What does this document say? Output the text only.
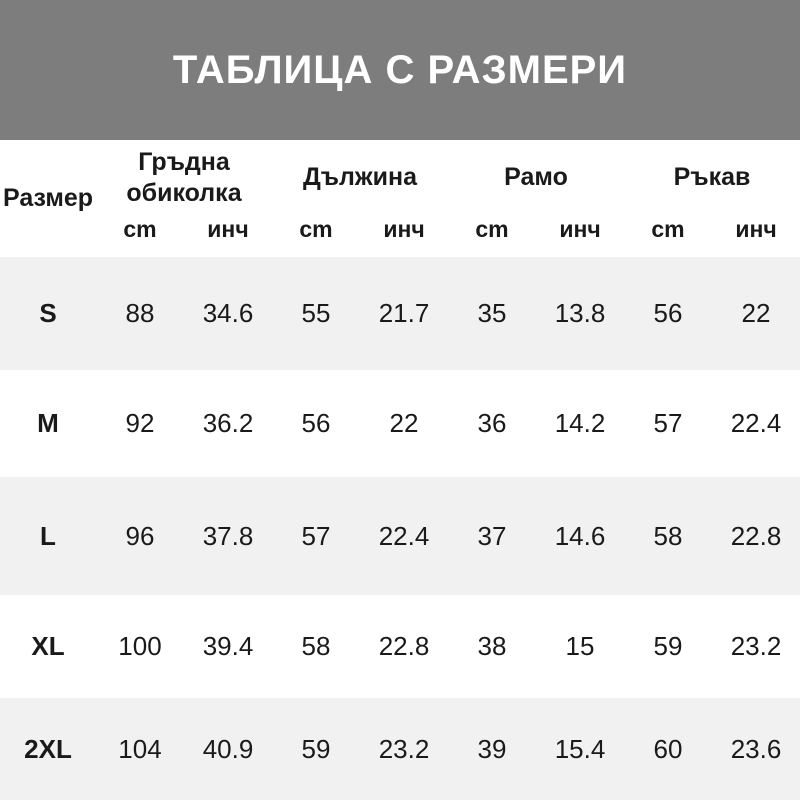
ТАБЛИЦА С РАЗМЕРИ
Размер	Гръдна обиколка		Дължина		Рамо		Ръкав	
	cm	инч	cm	инч	cm	инч	cm	инч
S	88	34.6	55	21.7	35	13.8	56	22
M	92	36.2	56	22	36	14.2	57	22.4
L	96	37.8	57	22.4	37	14.6	58	22.8
XL	100	39.4	58	22.8	38	15	59	23.2
2XL	104	40.9	59	23.2	39	15.4	60	23.6
